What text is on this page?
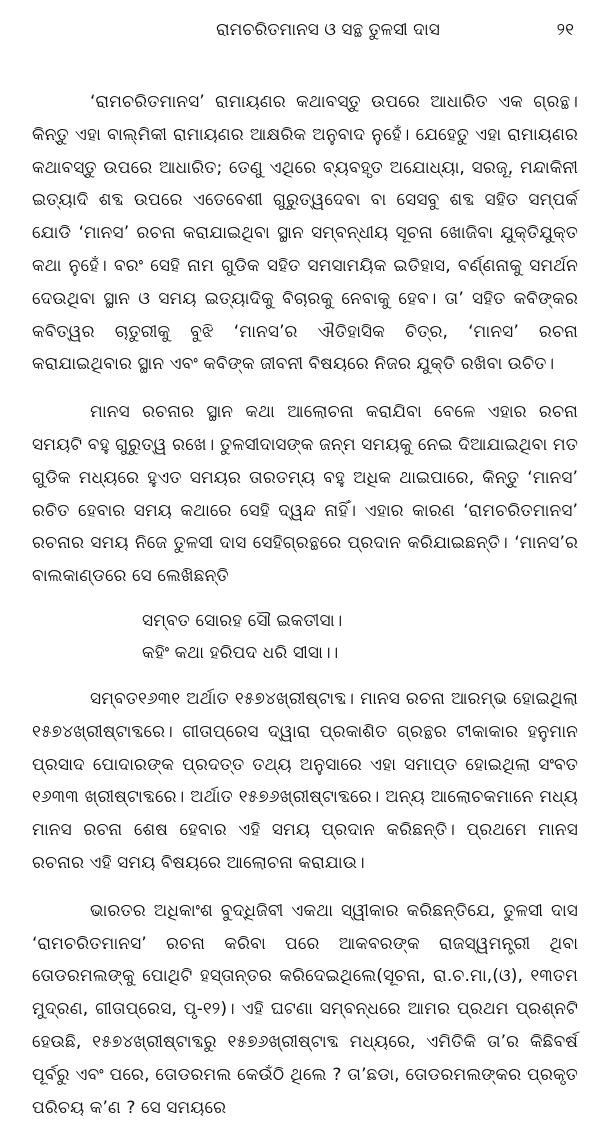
ରାମଚରିତମାନସ ଓ ସନ୍ଥ ତୁଳସୀ ଦାସ	୨୧

‘ରାମଚରିତମାନସ’ ରାମାୟଣର କଥାବସ୍ତୁ ଉପରେ ଆଧାରିତ ଏକ ଗ୍ରନ୍ଥ। କିନ୍ତୁ ଏହା ବାଲ୍ମିକୀ ରାମାୟଣର ଆକ୍ଷରିକ ଅନୁବାଦ ନୁହେଁ। ଯେହେତୁ ଏହା ରାମାୟଣର କଥାବସ୍ତୁ ଉପରେ ଆଧାରିତ; ତେଣୁ ଏଥିରେ ବ୍ୟବହୃତ ଅଯୋଧ୍ୟା, ସରଜୂ, ମନ୍ଦାକିନୀ ଇତ୍ୟାଦି ଶବ୍ଦ ଉପରେ ଏତେବେଶୀ ଗୁରୁତ୍ୱଦେବା ବା ସେସବୁ ଶବ୍ଦ ସହିତ ସମ୍ପର୍କ ଯୋଡି ‘ମାନସ’ ରଚନା କରାଯାଇଥିବା ସ୍ଥାନ ସମ୍ବନ୍ଧୀୟ ସୂଚନା ଖୋଜିବା ଯୁକ୍ତିଯୁକ୍ତ କଥା ନୁହେଁ। ବରଂ ସେହି ନାମ ଗୁଡିକ ସହିତ ସମସାମୟିକ ଇତିହାସ, ବର୍ଣ୍ଣନାକୁ ସମର୍ଥନ ଦେଉଥିବା ସ୍ଥାନ ଓ ସମୟ ଇତ୍ୟାଦିକୁ ବିଚାରକୁ ନେବାକୁ ହେବ। ତା’ ସହିତ କବିଙ୍କର କବିତ୍ୱର ଚାତୁରୀକୁ ବୁଝି ‘ମାନସ’ର ଐତିହାସିକ ଚିତ୍ର, ‘ମାନସ’ ରଚନା କରାଯାଇଥିବାର ସ୍ଥାନ ଏବଂ କବିଙ୍କ ଜୀବନୀ ବିଷୟରେ ନିଜର ଯୁକ୍ତି ରଖିବା ଉଚିତ।

ମାନସ ରଚନାର ସ୍ଥାନ କଥା ଆଲୋଚନା କରାଯିବା ବେଳେ ଏହାର ରଚନା ସମୟଟି ବହୁ ଗୁରୁତ୍ୱ ରଖେ। ତୁଳସୀଦାସଙ୍କ ଜନ୍ମ ସମୟକୁ ନେଇ ଦିଆଯାଇଥିବା ମତ ଗୁଡିକ ମଧ୍ୟରେ ହୁଏତ ସମୟର ତାରତମ୍ୟ ବହୁ ଅଧିକ ଥାଇପାରେ, କିନ୍ତୁ ‘ମାନସ’ ରଚିତ ହେବାର ସମୟ କଥାରେ ସେହି ଦ୍ୱନ୍ଦ ନାହିଁ। ଏହାର କାରଣ ‘ରାମଚରିତମାନସ’ ରଚନାର ସମୟ ନିଜେ ତୁଳସୀ ଦାସ ସେହିଗ୍ରନ୍ଥରେ ପ୍ରଦାନ କରିଯାଇଛନ୍ତି। ‘ମାନସ’ର ବାଲକାଣ୍ଡରେ ସେ ଲେଖିଛନ୍ତି

ସମ୍ବତ ସୋରହ ସୌ ଇକତୀସା।
କହିଂ କଥା ହରିପଦ ଧରି ସୀସା।।

ସମ୍ବତ୧୬୩୧ ଅର୍ଥାତ ୧୫୭୪ଖ୍ରୀଷ୍ଟାବ୍ଦ। ମାନସ ରଚନା ଆରମ୍ଭ ହୋଇଥିଲା ୧୫୭୪ଖ୍ରୀଷ୍ଟାବ୍ଦରେ। ଗୀତାପ୍ରେସ ଦ୍ୱାରା ପ୍ରକାଶିତ ଗ୍ରନ୍ଥର ଟୀକାକାର ହନୁମାନ ପ୍ରସାଦ ପୋଦାରଙ୍କ ପ୍ରଦତ୍ତ ତଥ୍ୟ ଅନୁସାରେ ଏହା ସମାପ୍ତ ହୋଇଥିଲା ସଂବତ ୧୬୩୩ ଖ୍ରୀଷ୍ଟାବ୍ଦରେ। ଅର୍ଥାତ ୧୫୭୬ଖ୍ରୀଷ୍ଟାବ୍ଦରେ। ଅନ୍ୟ ଆଲୋଚକମାନେ ମଧ୍ୟ ମାନସ ରଚନା ଶେଷ ହେବାର ଏହି ସମୟ ପ୍ରଦାନ କରିଛନ୍ତି। ପ୍ରଥମେ ମାନସ ରଚନାର ଏହି ସମୟ ବିଷୟରେ ଆଲୋଚନା କରାଯାଉ।

ଭାରତର ଅଧିକାଂଶ ବୁଦ୍ଧିଜିବୀ ଏକଥା ସ୍ୱୀକାର କରିଛନ୍ତିଯେ, ତୁଳସୀ ଦାସ ‘ରାମଚରିତମାନସ’ ରଚନା କରିବା ପରେ ଆକବରଙ୍କ ରାଜସ୍ୱମନ୍ତ୍ରୀ ଥିବା ତୋଡରମଲଙ୍କୁ ପୋଥିଟି ହସ୍ତାନ୍ତର କରିଦେଇଥିଲେ(ସୂଚନା, ରା.ଚ.ମା,(ଓ), ୧୩ତମ ମୁଦ୍ରଣ, ଗୀତାପ୍ରେସ, ପୃ-୧୨)। ଏହି ଘଟଣା ସମ୍ବନ୍ଧରେ ଆମର ପ୍ରଥମ ପ୍ରଶ୍ନଟି ହେଉଛି, ୧୫୭୪ଖ୍ରୀଷ୍ଟାବ୍ଦରୁ ୧୫୭୬ଖ୍ରୀଷ୍ଟାବ୍ଦ ମଧ୍ୟରେ, ଏମିତିକି ତା’ର କିଛିବର୍ଷ ପୂର୍ବରୁ ଏବଂ ପରେ, ତୋଡରମଲ କେଉଁଠି ଥିଲେ ? ତା’ଛଡା, ତୋଡରମଲଙ୍କର ପ୍ରକୃତ ପରିଚୟ କ’ଣ ? ସେ ସମୟରେ
